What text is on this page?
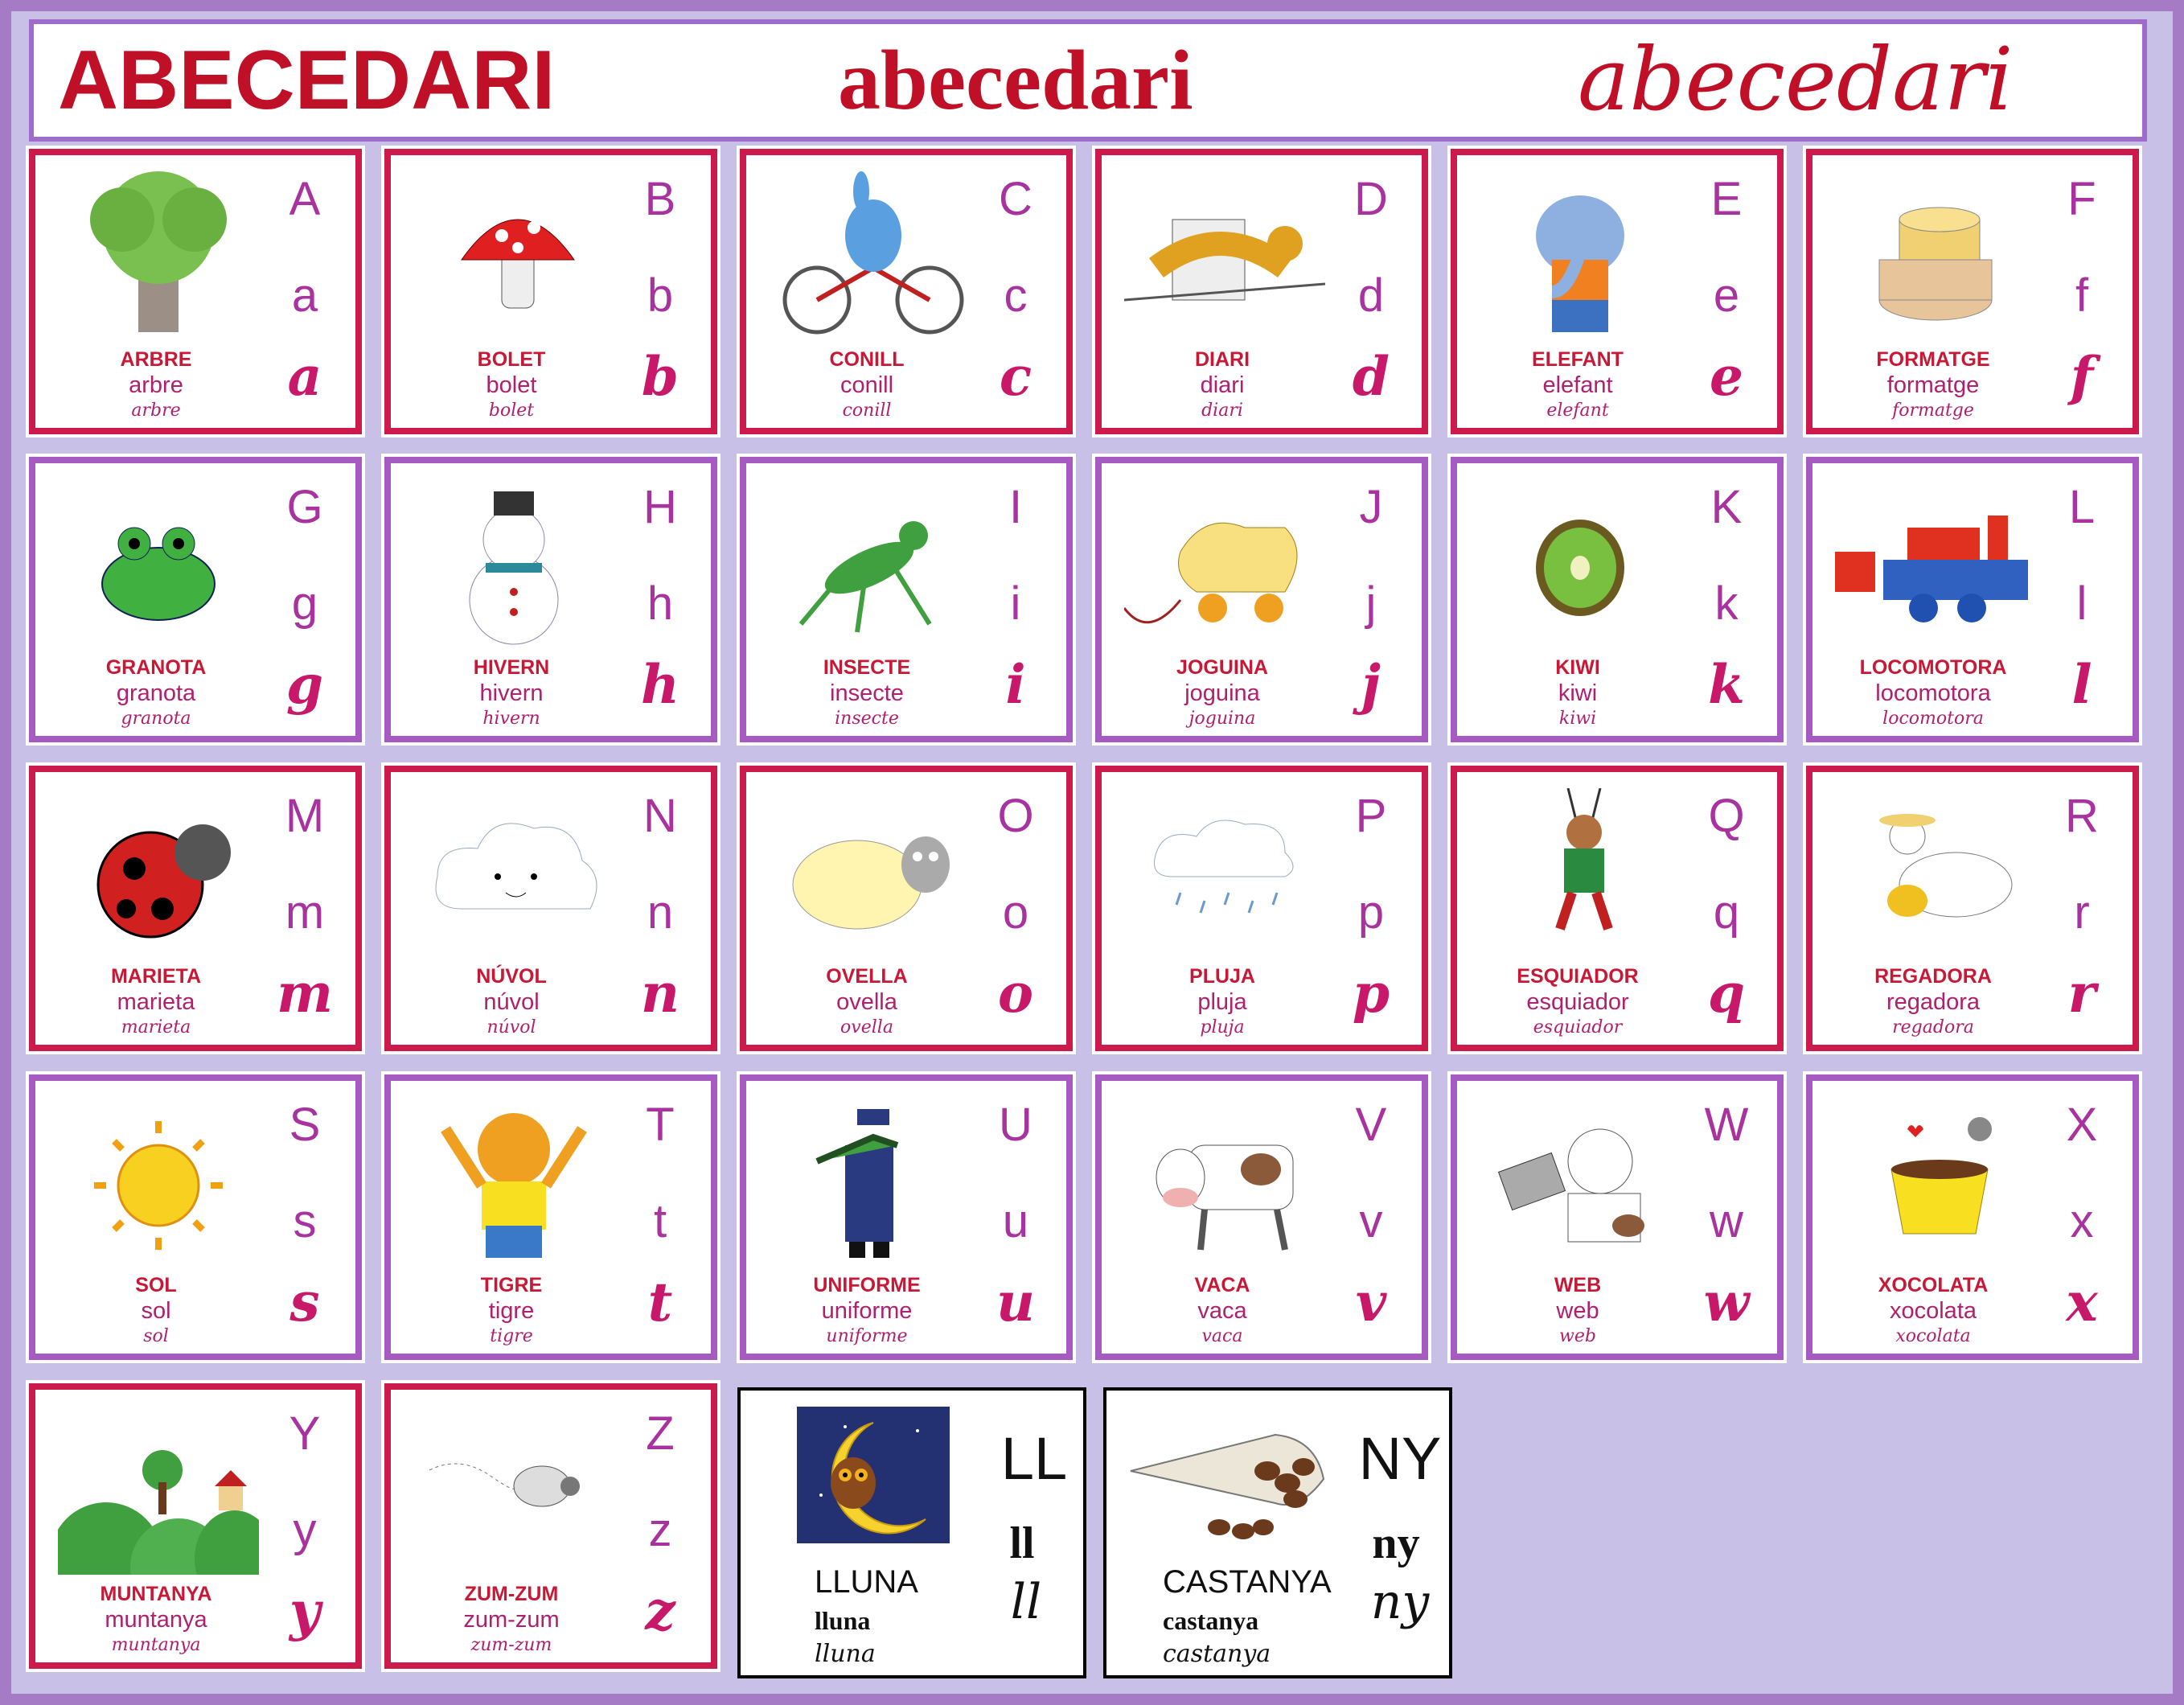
ABECEDARI	abecedari	abecedari
A
a
a
ARBRE
arbre
arbre
B
b
b
BOLET
bolet
bolet
C
c
c
CONILL
conill
conill
D
d
d
DIARI
diari
diari
E
e
e
ELEFANT
elefant
elefant
F
f
f
FORMATGE
formatge
formatge
G
g
g
GRANOTA
granota
granota
H
h
h
HIVERN
hivern
hivern
I
i
i
INSECTE
insecte
insecte
J
j
j
JOGUINA
joguina
joguina
K
k
k
KIWI
kiwi
kiwi
L
l
l
LOCOMOTORA
locomotora
locomotora
M
m
m
MARIETA
marieta
marieta
N
n
n
NÚVOL
núvol
núvol
O
o
o
OVELLA
ovella
ovella
P
p
p
PLUJA
pluja
pluja
Q
q
q
ESQUIADOR
esquiador
esquiador
R
r
r
REGADORA
regadora
regadora
S
s
s
SOL
sol
sol
T
t
t
TIGRE
tigre
tigre
U
u
u
UNIFORME
uniforme
uniforme
V
v
v
VACA
vaca
vaca
W
w
w
WEB
web
web
X
x
x
XOCOLATA
xocolata
xocolata
Y
y
y
MUNTANYA
muntanya
muntanya
Z
z
z
ZUM-ZUM
zum-zum
zum-zum
LL
ll
ll
LLUNA
lluna
lluna
NY
ny
ny
CASTANYA
castanya
castanya
